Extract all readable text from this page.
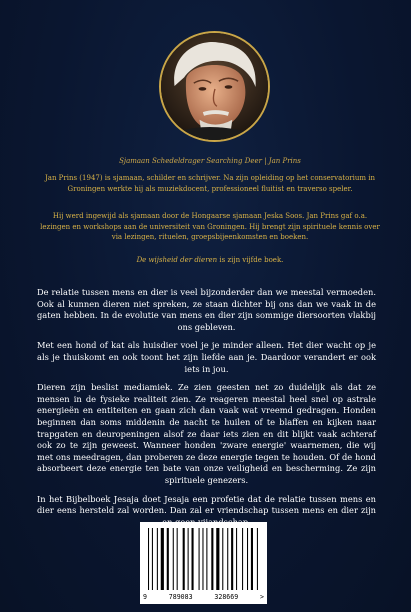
Sjamaan Schedeldrager Searching Deer | Jan Prins

Jan Prins (1947) is sjamaan, schilder en schrijver. Na zijn opleiding op het conservatorium in Groningen werkte hij als muziekdocent, professioneel fluitist en traverso speler.

Hij werd ingewijd als sjamaan door de Hongaarse sjamaan Jeska Soos. Jan Prins gaf o.a. lezingen en workshops aan de universiteit van Groningen. Hij brengt zijn spirituele kennis over via lezingen, rituelen, groepsbijeenkomsten en boeken.

De wijsheid der dieren is zijn vijfde boek.

De relatie tussen mens en dier is veel bijzonderder dan we meestal vermoeden. Ook al kunnen dieren niet spreken, ze staan dichter bij ons dan we vaak in de gaten hebben. In de evolutie van mens en dier zijn sommige diersoorten vlakbij ons gebleven.

Met een hond of kat als huisdier voel je je minder alleen. Het dier wacht op je als je thuiskomt en ook toont het zijn liefde aan je. Daardoor verandert er ook iets in jou.

Dieren zijn beslist mediamiek. Ze zien geesten net zo duidelijk als dat ze mensen in de fysieke realiteit zien. Ze reageren meestal heel snel op astrale energieën en entiteiten en gaan zich dan vaak wat vreemd gedragen. Honden beginnen dan soms middenin de nacht te huilen of te blaffen en kijken naar trapgaten en deuropeningen alsof ze daar iets zien en dit blijkt vaak achteraf ook zo te zijn geweest. Wanneer honden 'zware energie' waarnemen, die wij met ons meedragen, dan proberen ze deze energie tegen te houden. Of de hond absorbeert deze energie ten bate van onze veiligheid en bescherming. Ze zijn spirituele genezers.

In het Bijbelboek Jesaja doet Jesaja een profetie dat de relatie tussen mens en dier eens hersteld zal worden. Dan zal er vriendschap tussen mens en dier zijn

9	789083	328669	>
